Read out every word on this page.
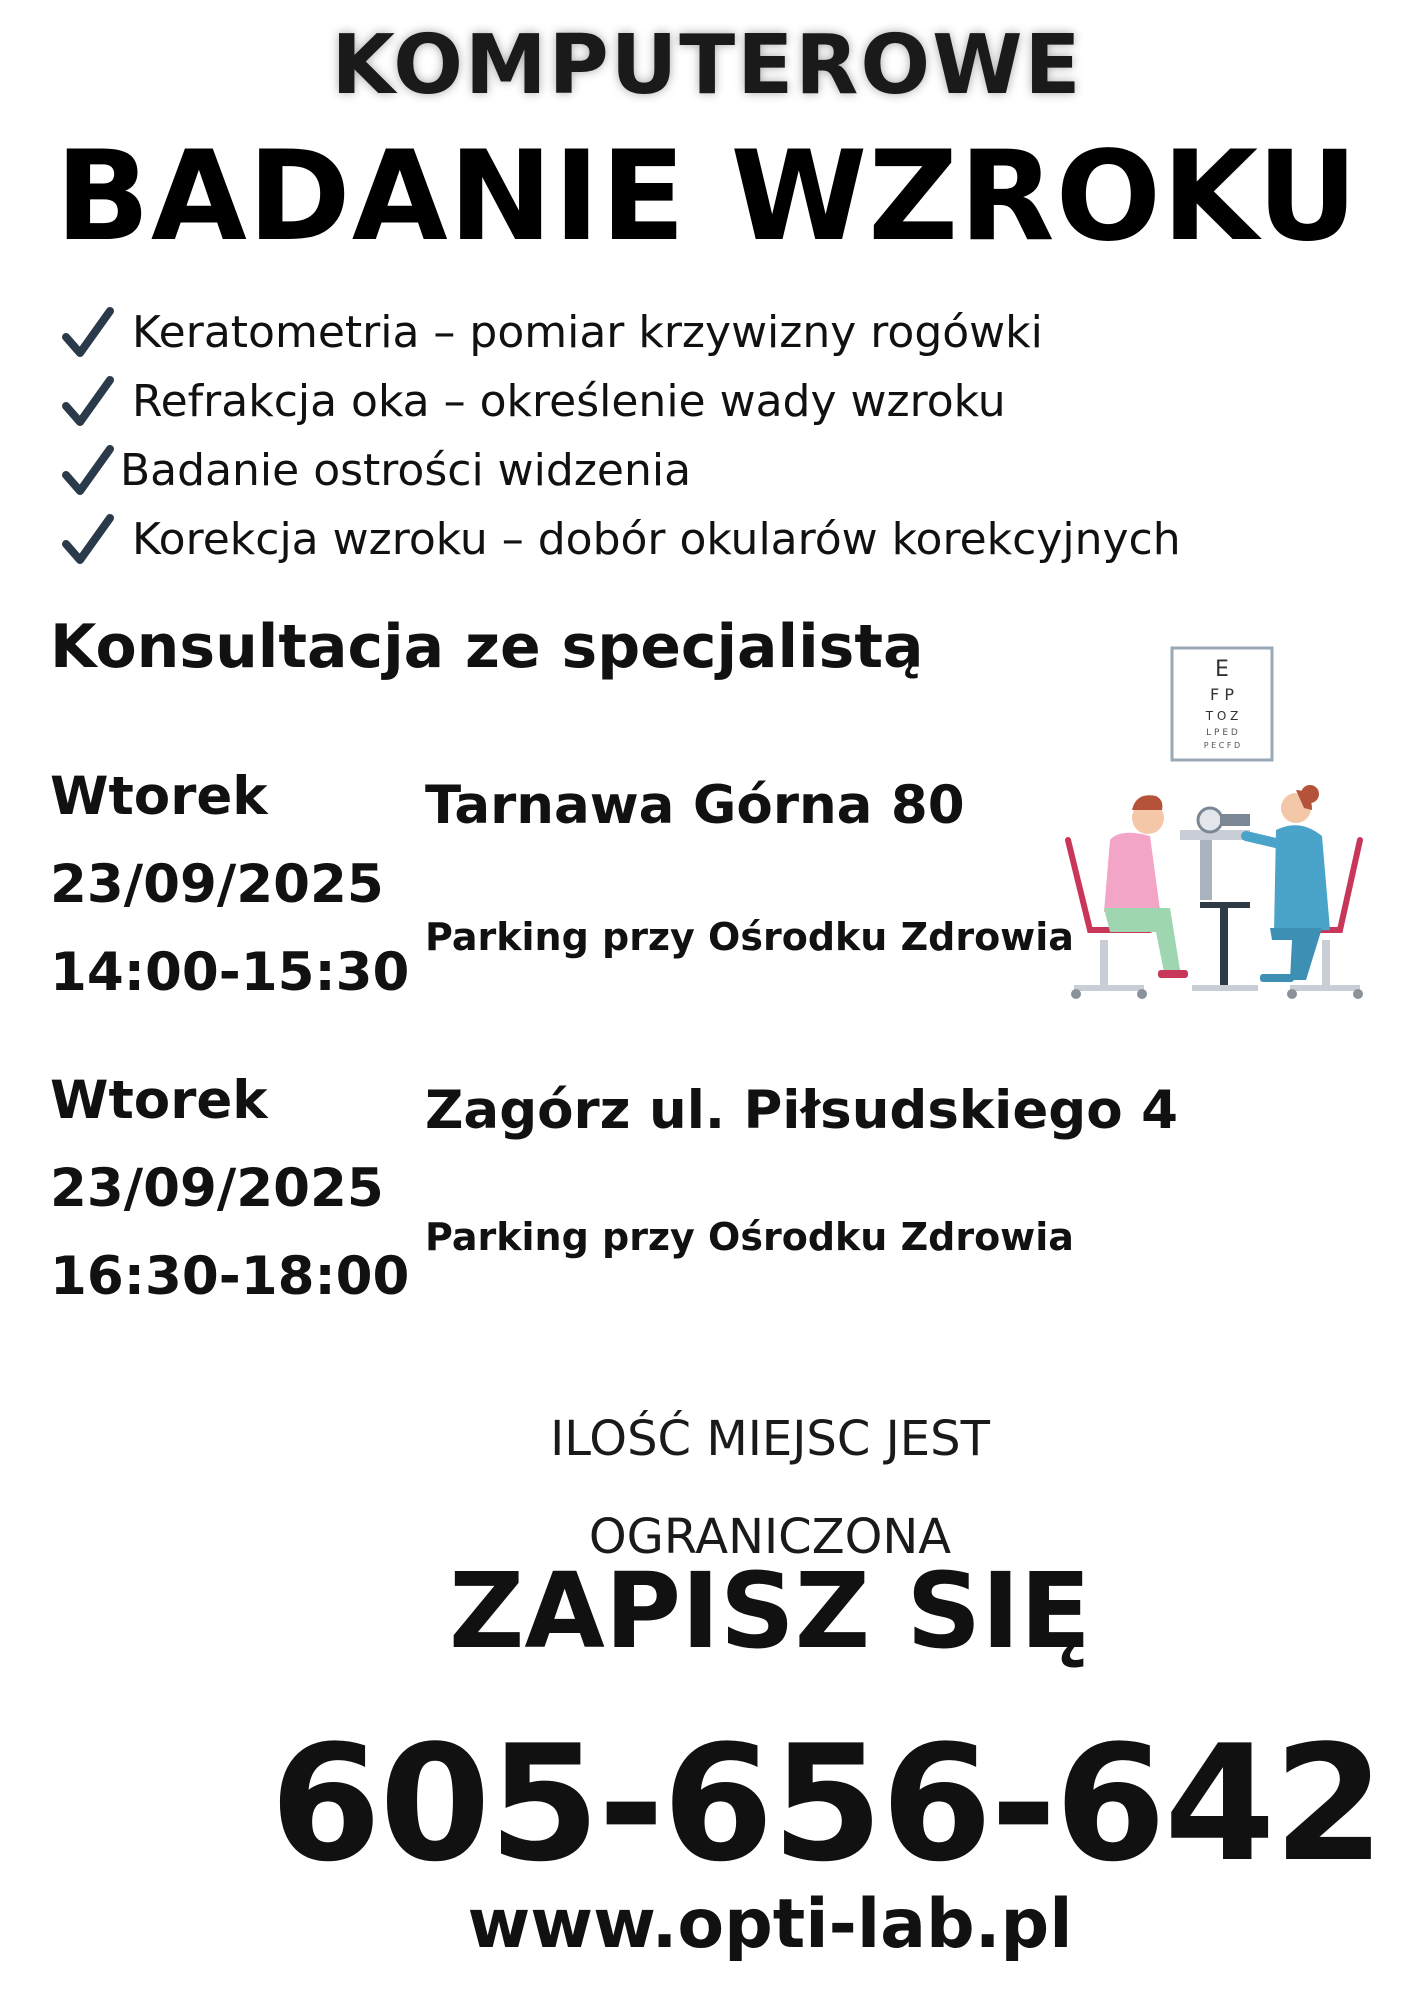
KOMPUTEROWE
BADANIE WZROKU
Keratometria – pomiar krzywizny rogówki
Refrakcja oka – określenie wady wzroku
Badanie ostrości widzenia
Korekcja wzroku – dobór okularów korekcyjnych
Konsultacja ze specjalistą
Wtorek
23/09/2025
14:00-15:30
Tarnawa Górna 80
Parking przy Ośrodku Zdrowia
Wtorek
23/09/2025
16:30-18:00
Zagórz ul. Piłsudskiego 4
Parking przy Ośrodku Zdrowia
E
F P
T O Z
L P E D
P E C F D
ILOŚĆ MIEJSC JEST
OGRANICZONA
ZAPISZ SIĘ
605-656-642
www.opti-lab.pl
